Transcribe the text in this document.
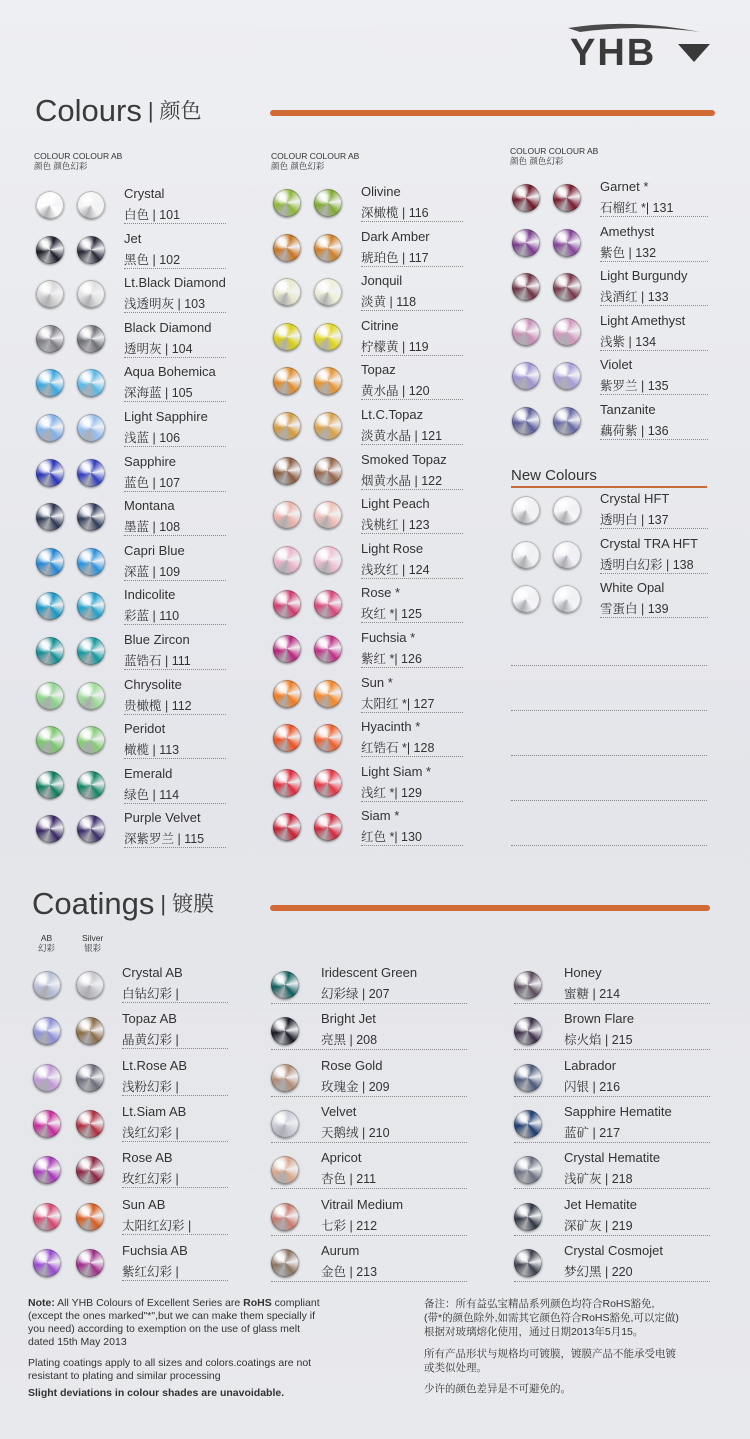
YHB
Colours | 颜色
COLOUR COLOUR AB
颜色 颜色幻彩
COLOUR COLOUR AB
颜色 颜色幻彩
COLOUR COLOUR AB
颜色 颜色幻彩
Crystal
白色 | 101
Jet
黑色 | 102
Lt.Black Diamond
浅透明灰 | 103
Black Diamond
透明灰 | 104
Aqua Bohemica
深海蓝 | 105
Light Sapphire
浅蓝 | 106
Sapphire
蓝色 | 107
Montana
墨蓝 | 108
Capri Blue
深蓝 | 109
Indicolite
彩蓝 | 110
Blue Zircon
蓝锆石 | 111
Chrysolite
贵橄榄 | 112
Peridot
橄榄 | 113
Emerald
绿色 | 114
Purple Velvet
深紫罗兰 | 115
Olivine
深橄榄 | 116
Dark Amber
琥珀色 | 117
Jonquil
淡黄 | 118
Citrine
柠檬黄 | 119
Topaz
黄水晶 | 120
Lt.C.Topaz
淡黄水晶 | 121
Smoked Topaz
烟黄水晶 | 122
Light Peach
浅桃红 | 123
Light Rose
浅玫红 | 124
Rose *
玫红 *| 125
Fuchsia *
紫红 *| 126
Sun *
太阳红 *| 127
Hyacinth *
红锆石 *| 128
Light Siam *
浅红 *| 129
Siam *
红色 *| 130
Garnet *
石榴红 *| 131
Amethyst
紫色 | 132
Light Burgundy
浅酒红 | 133
Light Amethyst
浅紫 | 134
Violet
紫罗兰 | 135
Tanzanite
藕荷紫 | 136
New Colours
Crystal HFT
透明白 | 137
Crystal TRA HFT
透明白幻彩 | 138
White Opal
雪蛋白 | 139
Coatings | 镀膜
AB
幻彩
Silver
银彩
Crystal AB
白钻幻彩 |
Topaz AB
晶黄幻彩 |
Lt.Rose AB
浅粉幻彩 |
Lt.Siam AB
浅红幻彩 |
Rose AB
玫红幻彩 |
Sun AB
太阳红幻彩 |
Fuchsia AB
紫红幻彩 |
Iridescent Green
幻彩绿 | 207
Bright Jet
亮黑 | 208
Rose Gold
玫瑰金 | 209
Velvet
天鹅绒 | 210
Apricot
杏色 | 211
Vitrail Medium
七彩 | 212
Aurum
金色 | 213
Honey
蜜糖 | 214
Brown Flare
棕火焰 | 215
Labrador
闪银 | 216
Sapphire Hematite
蓝矿 | 217
Crystal Hematite
浅矿灰 | 218
Jet Hematite
深矿灰 | 219
Crystal Cosmojet
梦幻黑 | 220
Note: All YHB Colours of Excellent Series are RoHS compliant
(except the ones marked"*",but we can make them specially if
you need) according to exemption on the use of glass melt
dated 15th May 2013
Plating coatings apply to all sizes and colors.coatings are not
resistant to plating and similar processing
Slight deviations in colour shades are unavoidable.
备注：所有益弘宝精品系列颜色均符合RoHS豁免,
(带*的颜色除外,如需其它颜色符合RoHS豁免,可以定做)
根据对玻璃熔化使用，通过日期2013年5月15。
所有产品形状与规格均可镀膜，镀膜产品不能承受电镀
或类似处理。
少许的颜色差异是不可避免的。
